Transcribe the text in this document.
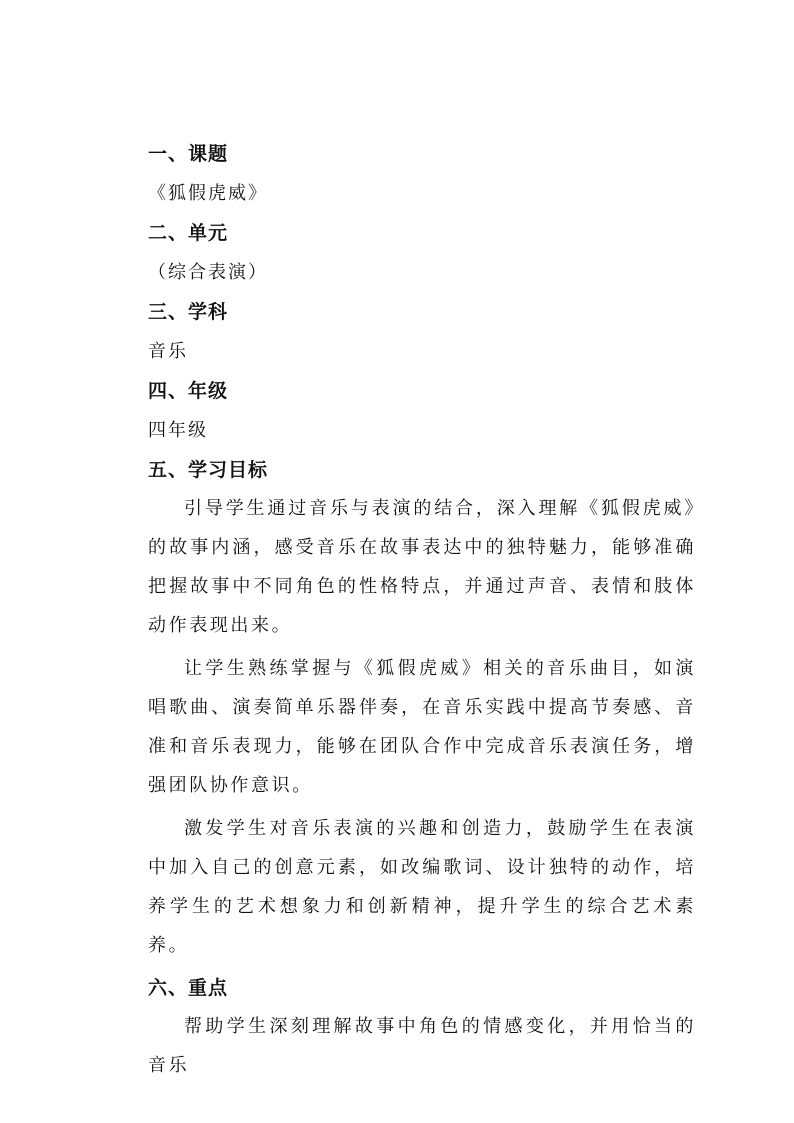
一、课题
《狐假虎威》
二、单元
（综合表演）
三、学科
音乐
四、年级
四年级
五、学习目标

引导学生通过音乐与表演的结合，深入理解《狐假虎威》的故事内涵，感受音乐在故事表达中的独特魅力，能够准确把握故事中不同角色的性格特点，并通过声音、表情和肢体动作表现出来。

让学生熟练掌握与《狐假虎威》相关的音乐曲目，如演唱歌曲、演奏简单乐器伴奏，在音乐实践中提高节奏感、音准和音乐表现力，能够在团队合作中完成音乐表演任务，增强团队协作意识。

激发学生对音乐表演的兴趣和创造力，鼓励学生在表演中加入自己的创意元素，如改编歌词、设计独特的动作，培养学生的艺术想象力和创新精神，提升学生的综合艺术素养。

六、重点

帮助学生深刻理解故事中角色的情感变化，并用恰当的音乐
